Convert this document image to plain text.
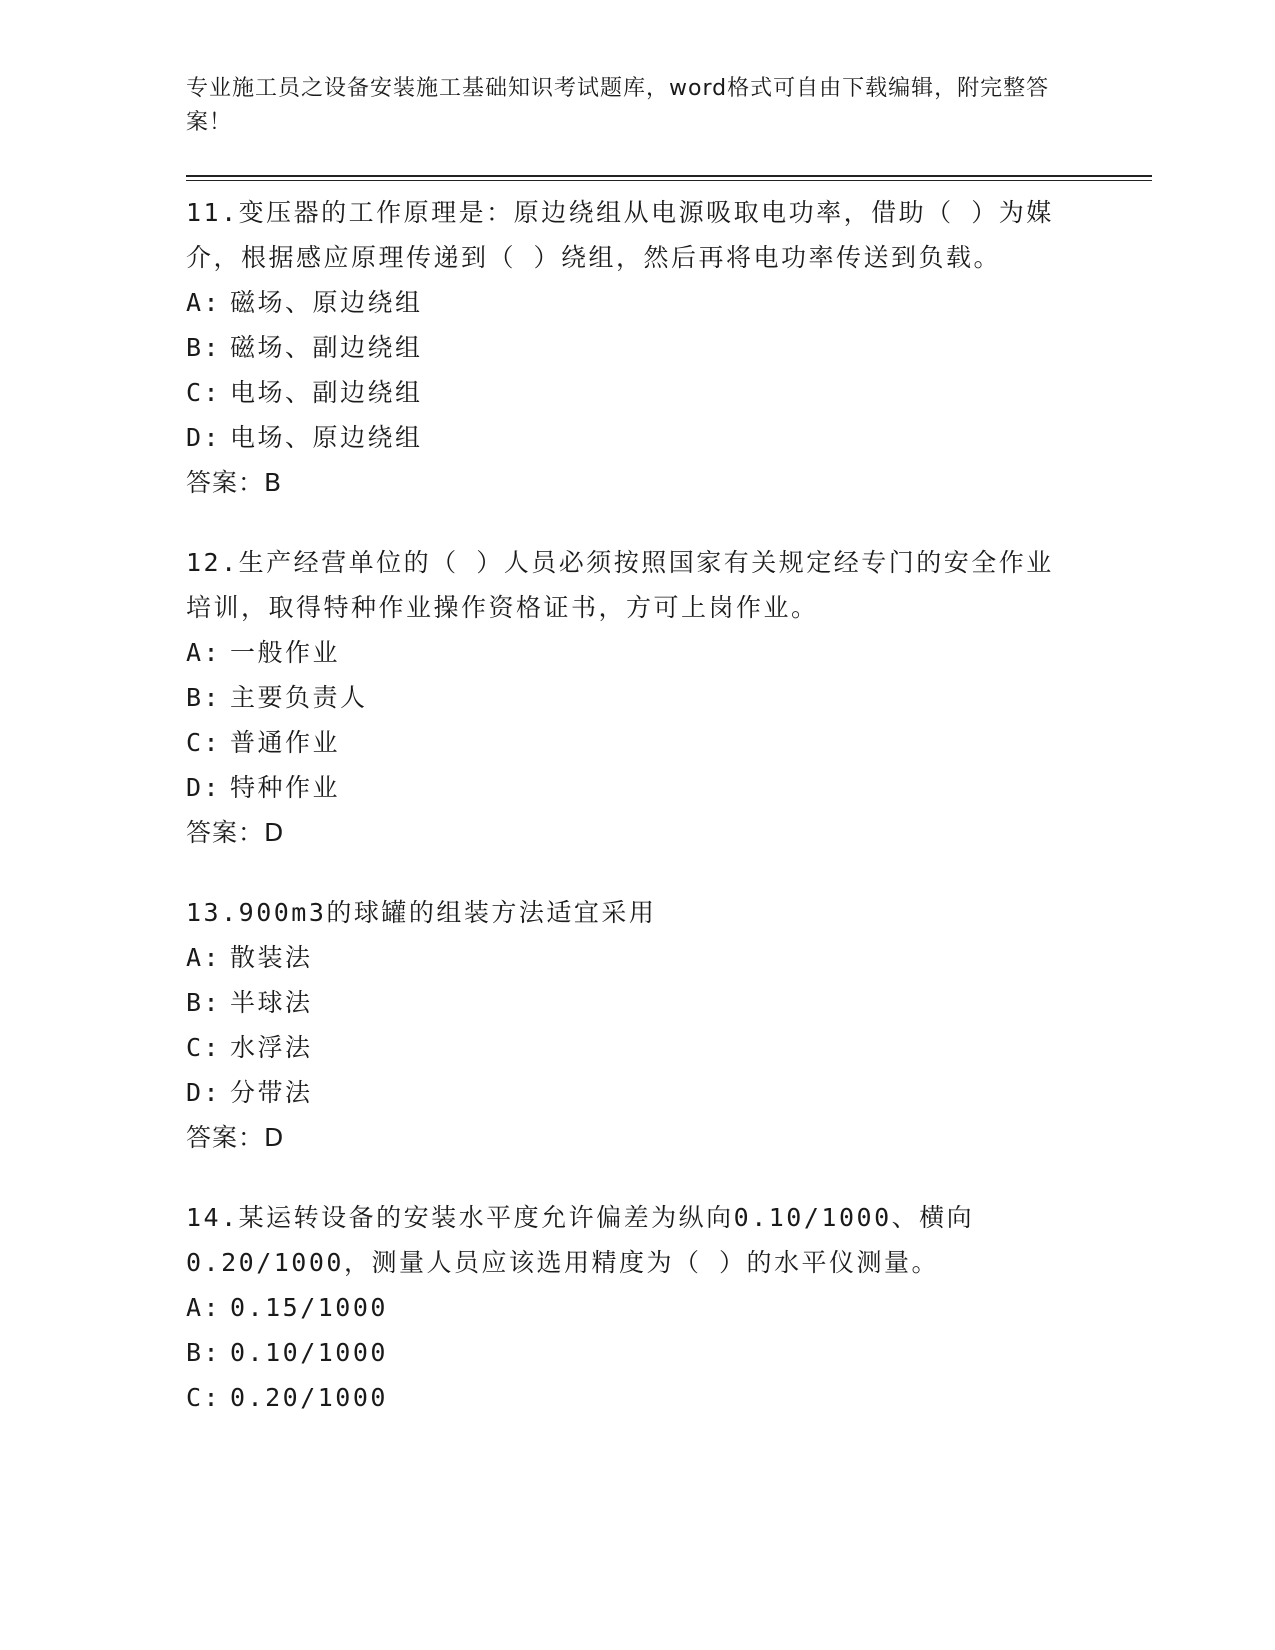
专业施工员之设备安装施工基础知识考试题库，word格式可自由下载编辑，附完整答案！

11.变压器的工作原理是：原边绕组从电源吸取电功率，借助（ ）为媒介，根据感应原理传递到（ ）绕组，然后再将电功率传送到负载。

A: 磁场、原边绕组

B: 磁场、副边绕组

C: 电场、副边绕组

D: 电场、原边绕组

答案：B

12.生产经营单位的（ ）人员必须按照国家有关规定经专门的安全作业培训，取得特种作业操作资格证书，方可上岗作业。

A: 一般作业

B: 主要负责人

C: 普通作业

D: 特种作业

答案：D

13.900m3的球罐的组装方法适宜采用

A: 散装法

B: 半球法

C: 水浮法

D: 分带法

答案：D

14.某运转设备的安装水平度允许偏差为纵向0.10/1000、横向0.20/1000，测量人员应该选用精度为（ ）的水平仪测量。

A: 0.15/1000

B: 0.10/1000

C: 0.20/1000
